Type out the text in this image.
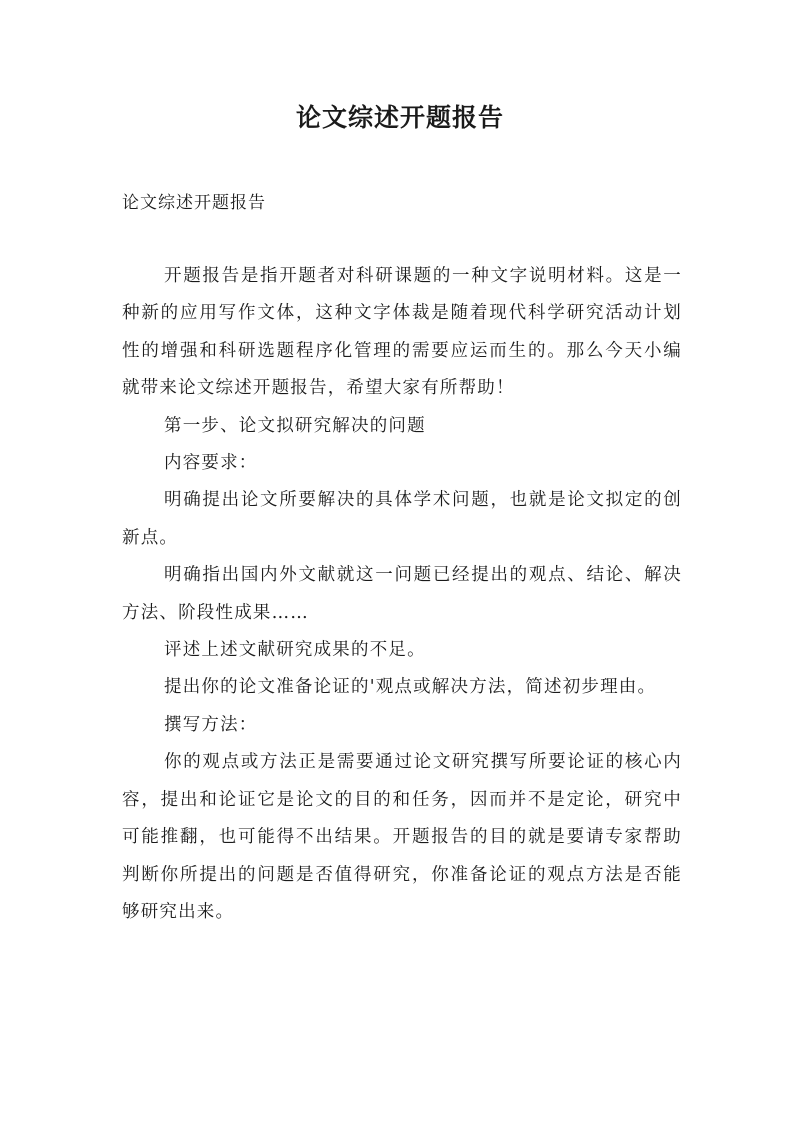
论文综述开题报告

论文综述开题报告

开题报告是指开题者对科研课题的一种文字说明材料。这是一种新的应用写作文体，这种文字体裁是随着现代科学研究活动计划性的增强和科研选题程序化管理的需要应运而生的。那么今天小编就带来论文综述开题报告，希望大家有所帮助！

第一步、论文拟研究解决的问题

内容要求：

明确提出论文所要解决的具体学术问题，也就是论文拟定的创新点。

明确指出国内外文献就这一问题已经提出的观点、结论、解决方法、阶段性成果……

评述上述文献研究成果的不足。

提出你的论文准备论证的'观点或解决方法，简述初步理由。

撰写方法：

你的观点或方法正是需要通过论文研究撰写所要论证的核心内容，提出和论证它是论文的目的和任务，因而并不是定论，研究中可能推翻，也可能得不出结果。开题报告的目的就是要请专家帮助判断你所提出的问题是否值得研究，你准备论证的观点方法是否能够研究出来。
